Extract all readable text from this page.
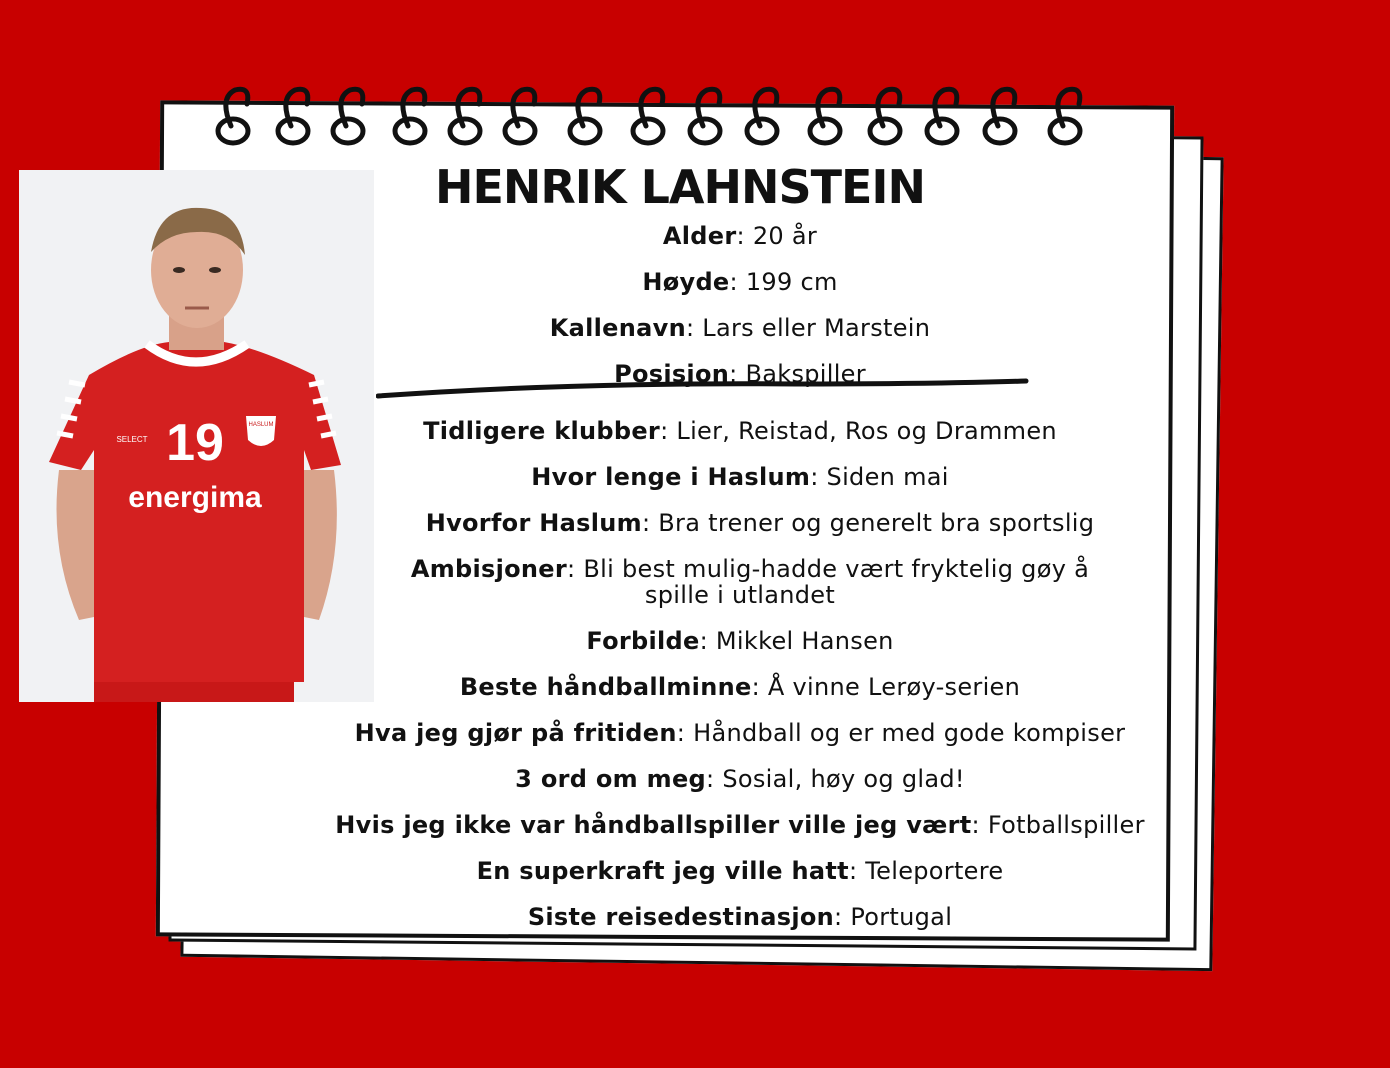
19
energima
SELECT
HASLUM
HENRIK LAHNSTEIN
Alder: 20 år
Høyde: 199 cm
Kallenavn: Lars eller Marstein
Posisjon: Bakspiller
Tidligere klubber: Lier, Reistad, Ros og Drammen
Hvor lenge i Haslum: Siden mai
Hvorfor Haslum: Bra trener og generelt bra sportslig
Ambisjoner: Bli best mulig-hadde vært fryktelig gøy å
spille i utlandet
Forbilde: Mikkel Hansen
Beste håndballminne: Å vinne Lerøy-serien
Hva jeg gjør på fritiden: Håndball og er med gode kompiser
3 ord om meg: Sosial, høy og glad!
Hvis jeg ikke var håndballspiller ville jeg vært: Fotballspiller
En superkraft jeg ville hatt: Teleportere
Siste reisedestinasjon: Portugal
